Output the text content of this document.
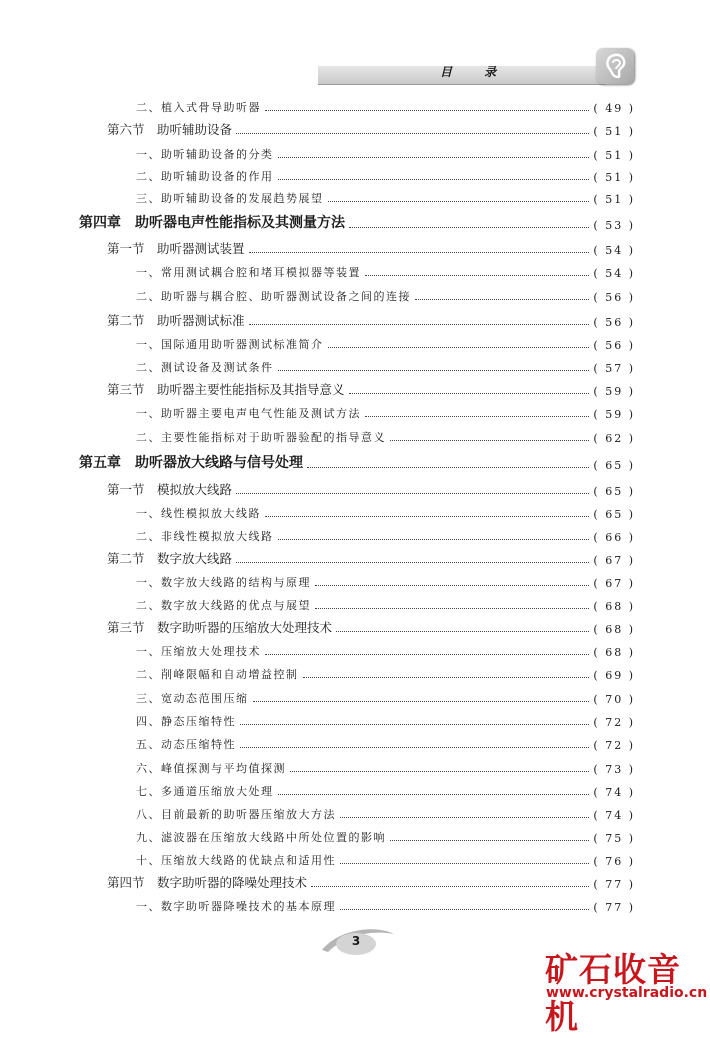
目 录
二、植入式骨导助听器	( 49 )
第六节　助听辅助设备	( 51 )
一、助听辅助设备的分类	( 51 )
二、助听辅助设备的作用	( 51 )
三、助听辅助设备的发展趋势展望	( 51 )
第四章　助听器电声性能指标及其测量方法	( 53 )
第一节　助听器测试装置	( 54 )
一、常用测试耦合腔和堵耳模拟器等装置	( 54 )
二、助听器与耦合腔、助听器测试设备之间的连接	( 56 )
第二节　助听器测试标准	( 56 )
一、国际通用助听器测试标准简介	( 56 )
二、测试设备及测试条件	( 57 )
第三节　助听器主要性能指标及其指导意义	( 59 )
一、助听器主要电声电气性能及测试方法	( 59 )
二、主要性能指标对于助听器验配的指导意义	( 62 )
第五章　助听器放大线路与信号处理	( 65 )
第一节　模拟放大线路	( 65 )
一、线性模拟放大线路	( 65 )
二、非线性模拟放大线路	( 66 )
第二节　数字放大线路	( 67 )
一、数字放大线路的结构与原理	( 67 )
二、数字放大线路的优点与展望	( 68 )
第三节　数字助听器的压缩放大处理技术	( 68 )
一、压缩放大处理技术	( 68 )
二、削峰限幅和自动增益控制	( 69 )
三、宽动态范围压缩	( 70 )
四、静态压缩特性	( 72 )
五、动态压缩特性	( 72 )
六、峰值探测与平均值探测	( 73 )
七、多通道压缩放大处理	( 74 )
八、目前最新的助听器压缩放大方法	( 74 )
九、滤波器在压缩放大线路中所处位置的影响	( 75 )
十、压缩放大线路的优缺点和适用性	( 76 )
第四节　数字助听器的降噪处理技术	( 77 )
一、数字助听器降噪技术的基本原理	( 77 )
3
矿石收音机
www.crystalradio.cn
